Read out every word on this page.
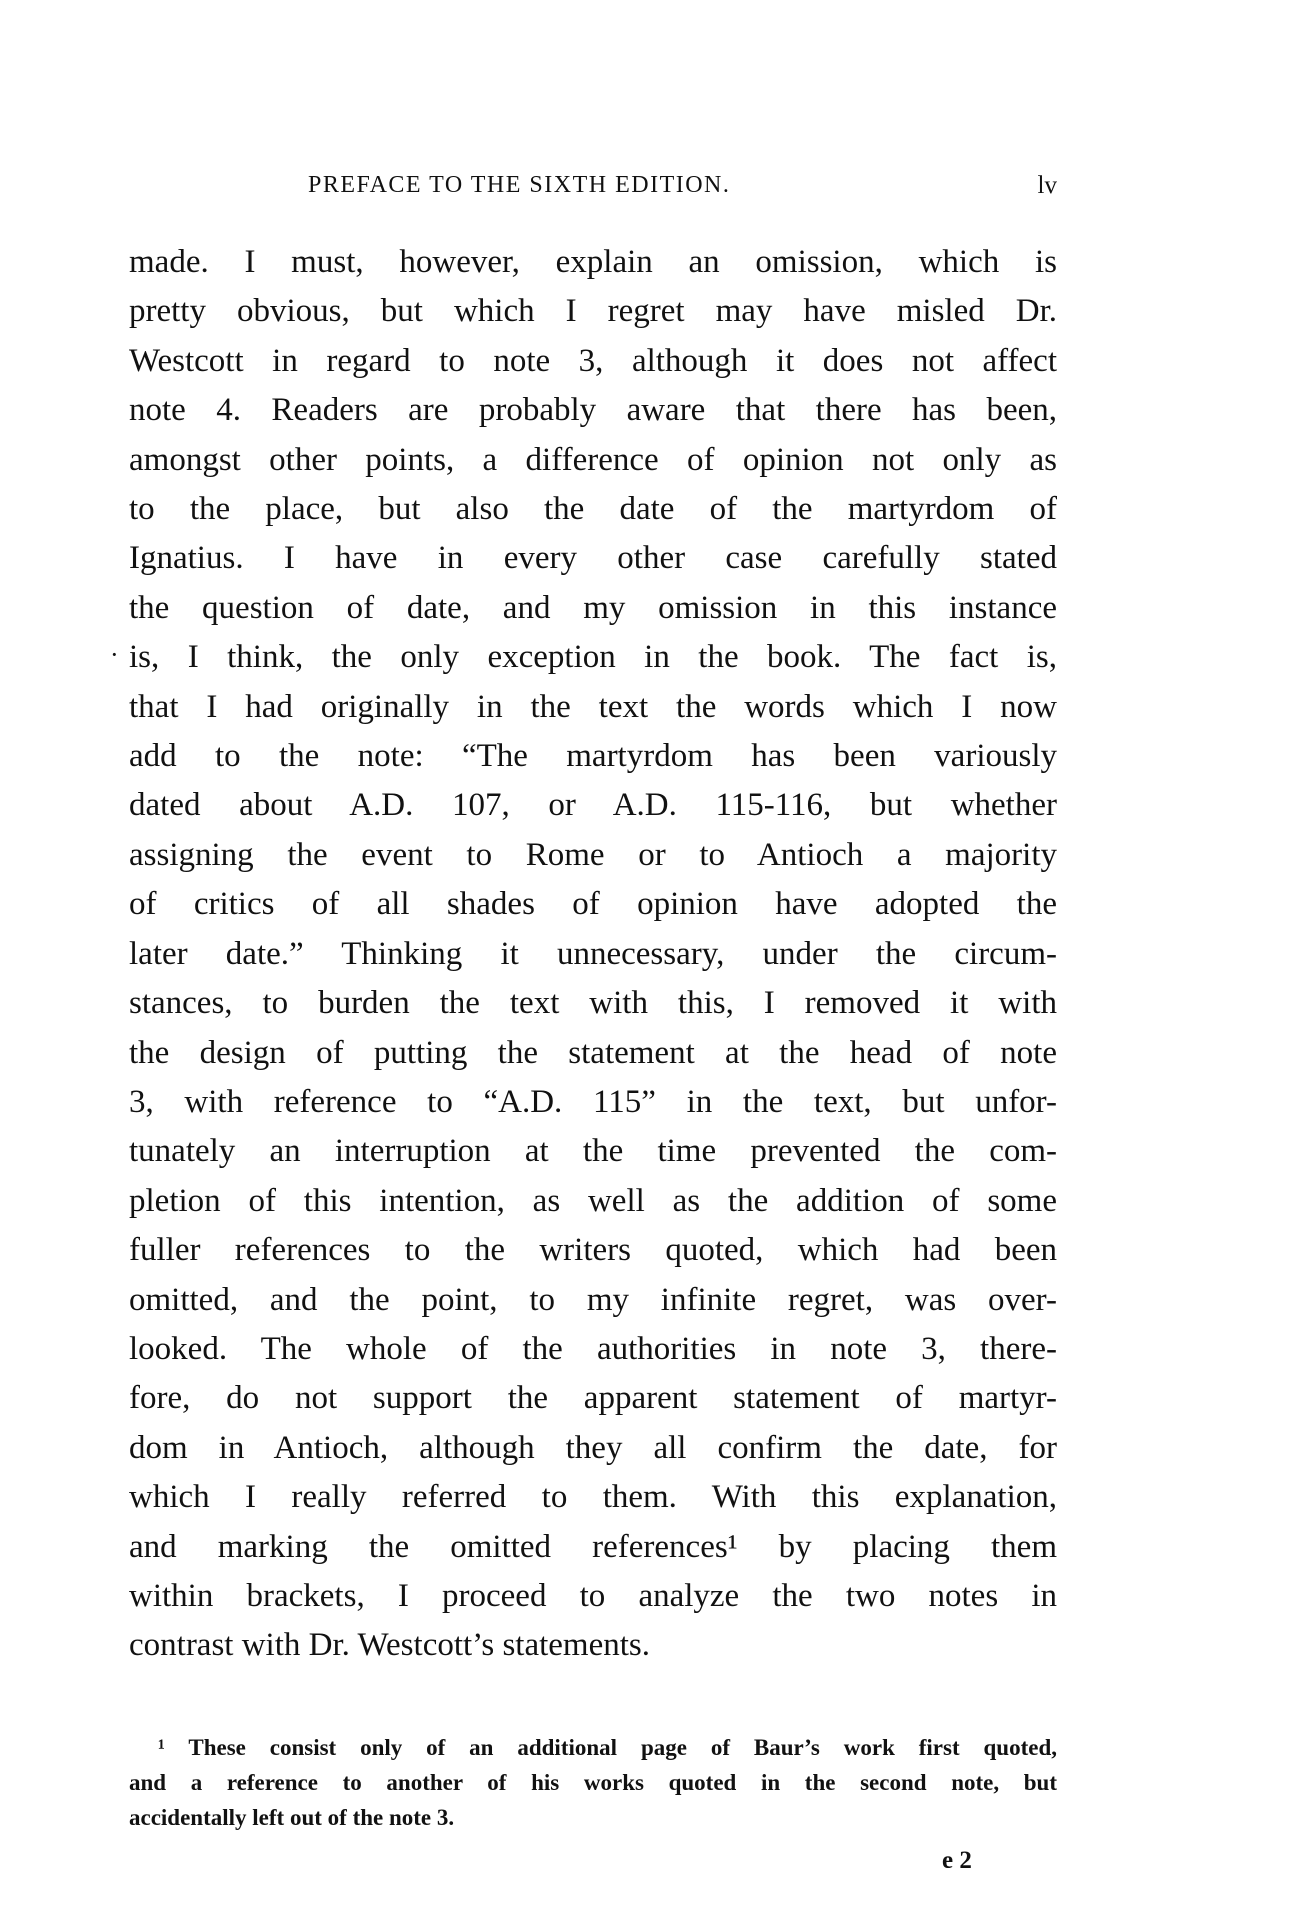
PREFACE TO THE SIXTH EDITION.	lv
·
made. I must, however, explain an omission, which is
pretty obvious, but which I regret may have misled Dr.
Westcott in regard to note 3, although it does not affect
note 4. Readers are probably aware that there has been,
amongst other points, a difference of opinion not only as
to the place, but also the date of the martyrdom of
Ignatius. I have in every other case carefully stated
the question of date, and my omission in this instance
is, I think, the only exception in the book. The fact is,
that I had originally in the text the words which I now
add to the note: “The martyrdom has been variously
dated about A.D. 107, or A.D. 115-116, but whether
assigning the event to Rome or to Antioch a majority
of critics of all shades of opinion have adopted the
later date.” Thinking it unnecessary, under the circum-
stances, to burden the text with this, I removed it with
the design of putting the statement at the head of note
3, with reference to “A.D. 115” in the text, but unfor-
tunately an interruption at the time prevented the com-
pletion of this intention, as well as the addition of some
fuller references to the writers quoted, which had been
omitted, and the point, to my infinite regret, was over-
looked. The whole of the authorities in note 3, there-
fore, do not support the apparent statement of martyr-
dom in Antioch, although they all confirm the date, for
which I really referred to them. With this explanation,
and marking the omitted references¹ by placing them
within brackets, I proceed to analyze the two notes in
contrast with Dr. Westcott’s statements.
¹ These consist only of an additional page of Baur’s work first quoted,
and a reference to another of his works quoted in the second note, but
accidentally left out of the note 3.
e 2
